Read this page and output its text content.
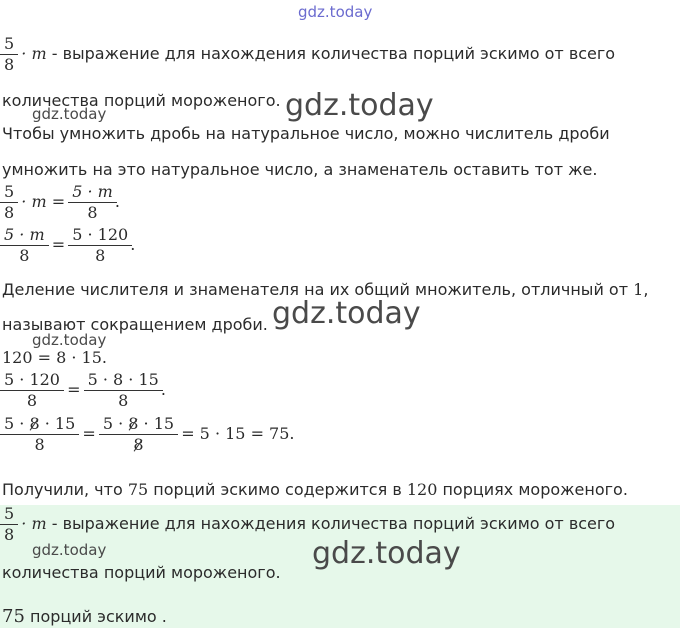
gdz.today
$\frac{5}{8} \cdot m$ - выражение для нахождения количества порций эскимо от всего
количества порций мороженого.
gdz.today	gdz.today
Чтобы умножить дробь на натуральное число, можно числитель дроби
умножить на это натуральное число, а знаменатель оставить тот же.
$\frac{5}{8} \cdot m = \frac{5 \cdot m}{8}$ .
$\frac{5 \cdot m}{8} = \frac{5 \cdot 120}{8}$ .
Деление числителя и знаменателя на их общий множитель, отличный от 1,
называют сокращением дроби. gdz.today
gdz.today
120 = 8 · 15.
$\frac{5 \cdot 120}{8} = \frac{5 \cdot 8 \cdot 15}{8}$ .
$\frac{5 \cdot 8 \cdot 15}{8} = \frac{5 \cdot 8 \cdot 15}{8} = 5 \cdot 15 = 75$.
Получили, что 75 порций эскимо содержится в 120 порциях мороженого.
$\frac{5}{8} \cdot m$ - выражение для нахождения количества порций эскимо от всего
gdz.today	gdz.today
количества порций мороженого.
75 порций эскимо .
